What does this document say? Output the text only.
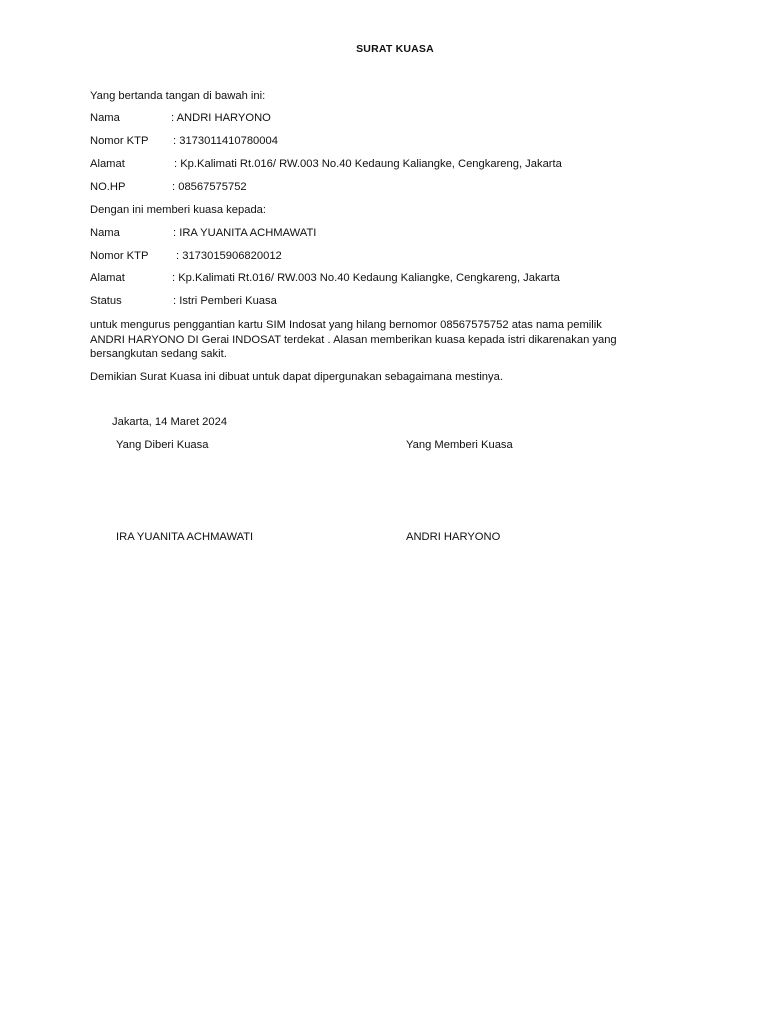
SURAT KUASA
Yang bertanda tangan di bawah ini:
Nama	: ANDRI HARYONO
Nomor KTP : 3173011410780004
Alamat	: Kp.Kalimati Rt.016/ RW.003 No.40 Kedaung Kaliangke, Cengkareng, Jakarta
NO.HP	: 08567575752
Dengan ini memberi kuasa kepada:
Nama	: IRA YUANITA ACHMAWATI
Nomor KTP : 3173015906820012
Alamat	: Kp.Kalimati Rt.016/ RW.003 No.40 Kedaung Kaliangke, Cengkareng, Jakarta
Status	: Istri Pemberi Kuasa
untuk mengurus penggantian kartu SIM Indosat yang hilang bernomor 08567575752 atas nama pemilik
ANDRI HARYONO DI Gerai INDOSAT terdekat . Alasan memberikan kuasa kepada istri dikarenakan yang
bersangkutan sedang sakit.
Demikian Surat Kuasa ini dibuat untuk dapat dipergunakan sebagaimana mestinya.
Jakarta, 14 Maret 2024
Yang Diberi Kuasa	Yang Memberi Kuasa
IRA YUANITA ACHMAWATI	ANDRI HARYONO
